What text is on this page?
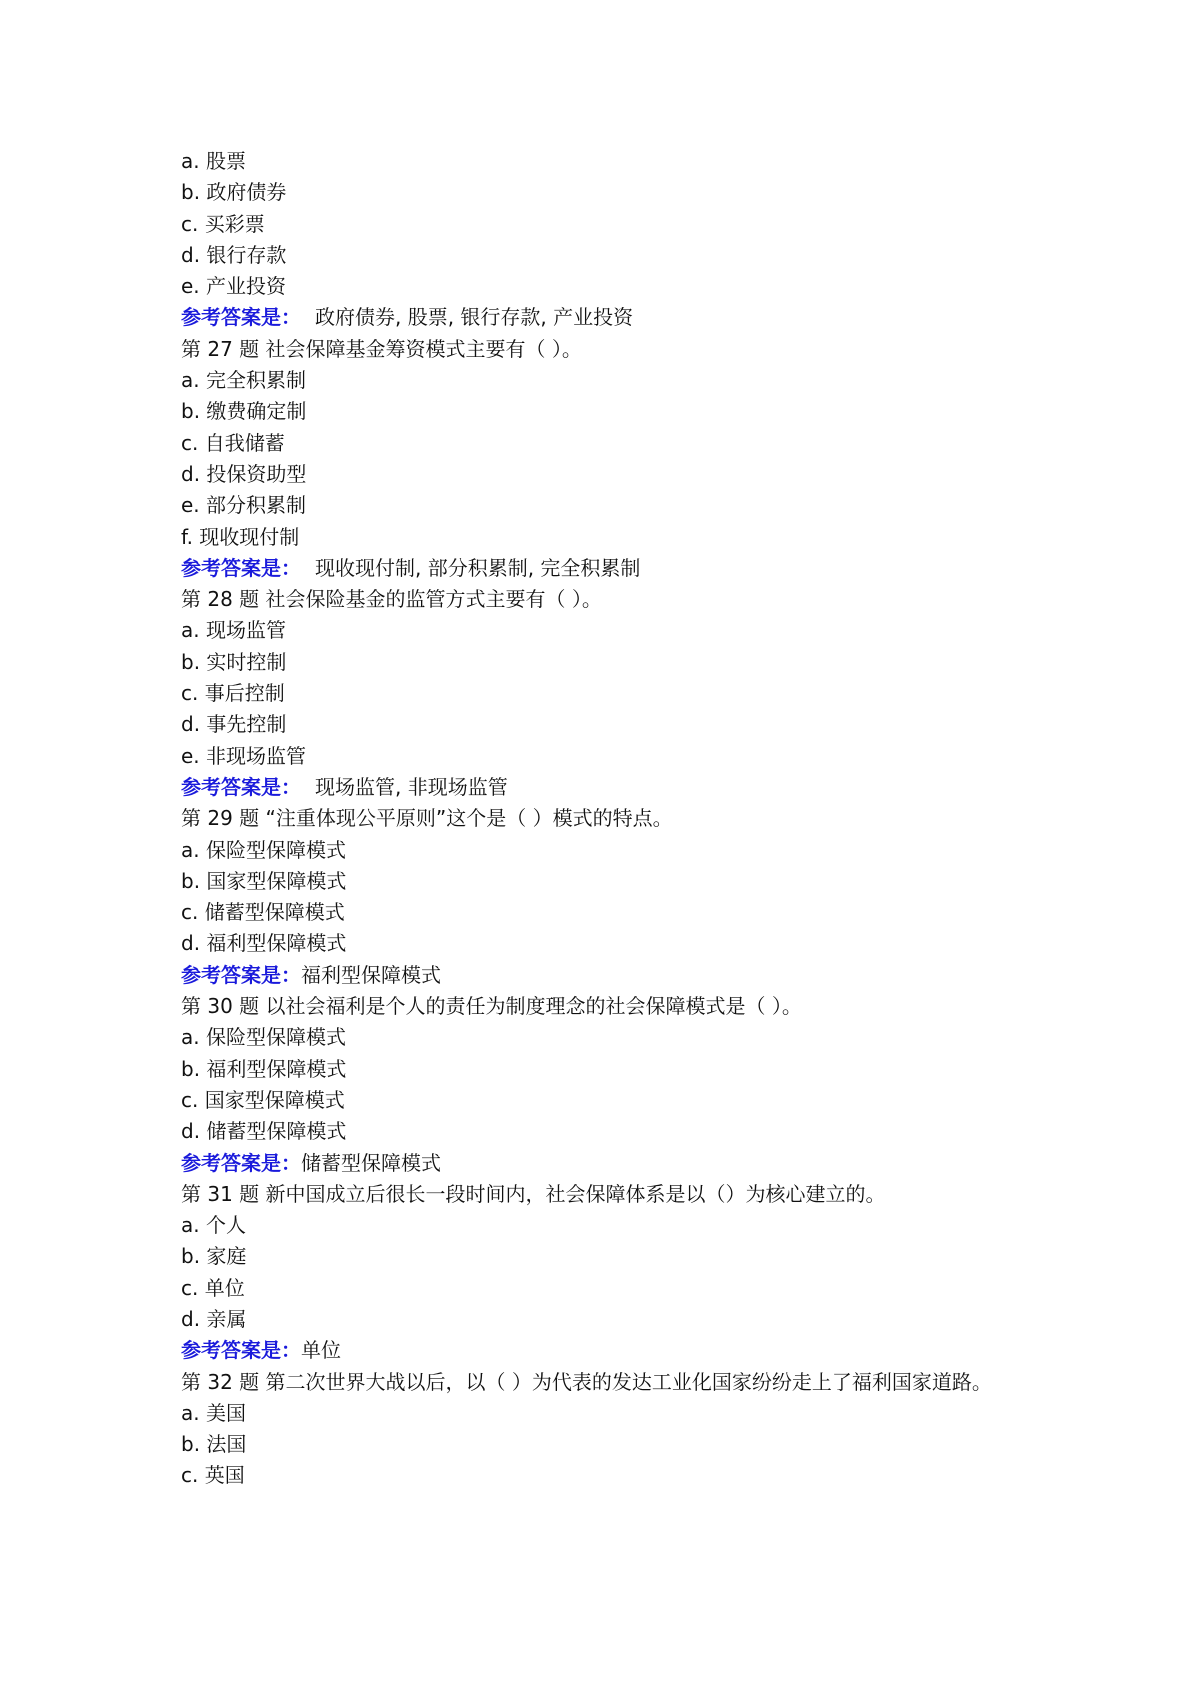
a. 股票
b. 政府债券
c. 买彩票
d. 银行存款
e. 产业投资
参考答案是： 政府债券, 股票, 银行存款, 产业投资
第 27 题 社会保障基金筹资模式主要有（ ）。
a. 完全积累制
b. 缴费确定制
c. 自我储蓄
d. 投保资助型
e. 部分积累制
f. 现收现付制
参考答案是： 现收现付制, 部分积累制, 完全积累制
第 28 题 社会保险基金的监管方式主要有（ ）。
a. 现场监管
b. 实时控制
c. 事后控制
d. 事先控制
e. 非现场监管
参考答案是： 现场监管, 非现场监管
第 29 题 “注重体现公平原则”这个是（ ）模式的特点。
a. 保险型保障模式
b. 国家型保障模式
c. 储蓄型保障模式
d. 福利型保障模式
参考答案是：福利型保障模式
第 30 题 以社会福利是个人的责任为制度理念的社会保障模式是（ ）。
a. 保险型保障模式
b. 福利型保障模式
c. 国家型保障模式
d. 储蓄型保障模式
参考答案是：储蓄型保障模式
第 31 题 新中国成立后很长一段时间内，社会保障体系是以（）为核心建立的。
a. 个人
b. 家庭
c. 单位
d. 亲属
参考答案是：单位
第 32 题 第二次世界大战以后，以（ ）为代表的发达工业化国家纷纷走上了福利国家道路。
a. 美国
b. 法国
c. 英国
